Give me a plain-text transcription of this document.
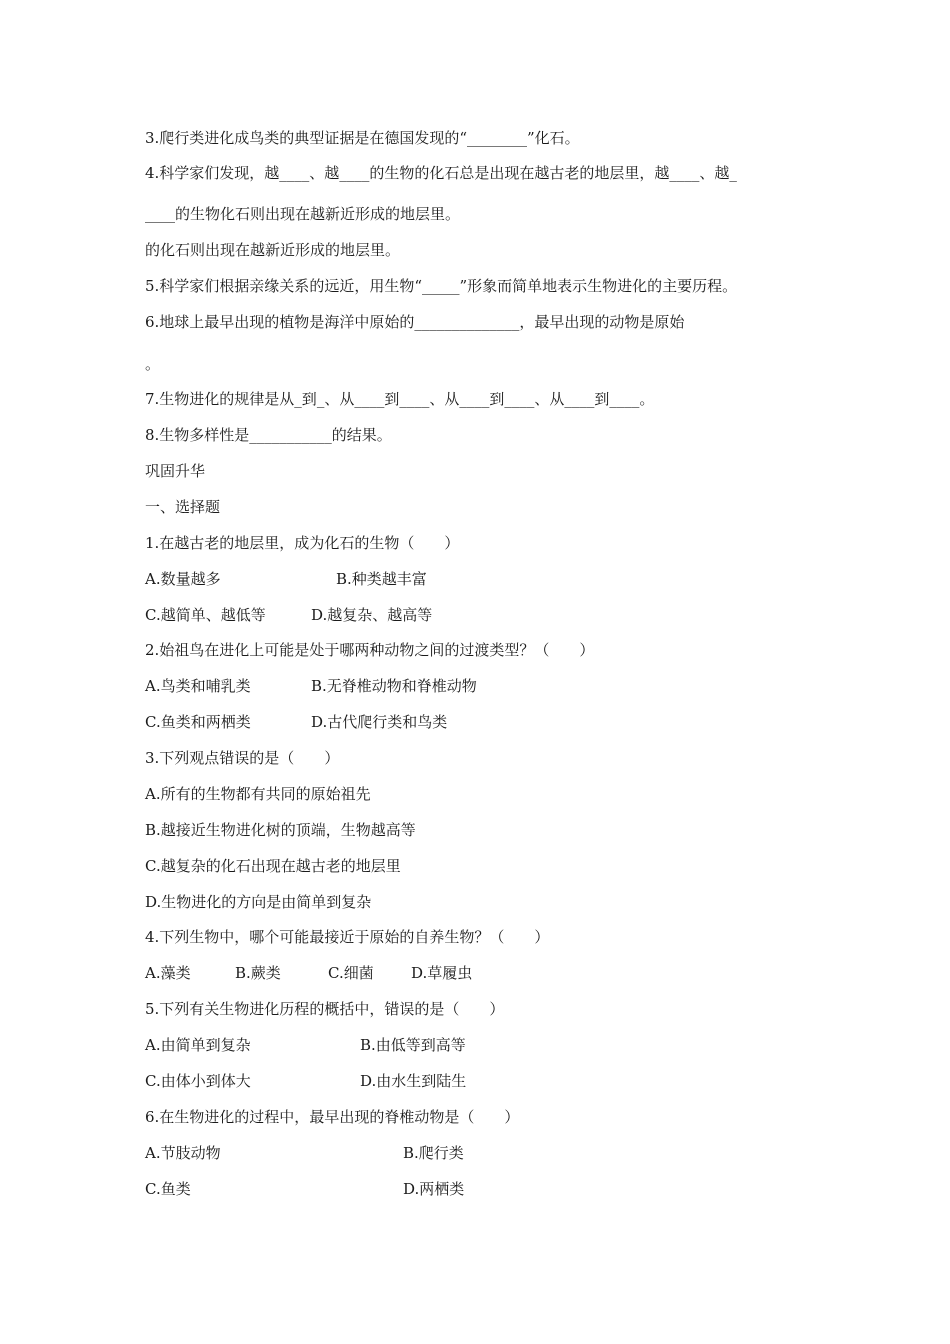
3.爬行类进化成鸟类的典型证据是在德国发现的“________”化石。
4.科学家们发现，越____、越____的生物的化石总是出现在越古老的地层里，越____、越_
____的生物化石则出现在越新近形成的地层里。
的化石则出现在越新近形成的地层里。
5.科学家们根据亲缘关系的远近，用生物“_____”形象而简单地表示生物进化的主要历程。
6.地球上最早出现的植物是海洋中原始的______________，最早出现的动物是原始
。
7.生物进化的规律是从_到_、从____到____、从____到____、从____到____。
8.生物多样性是___________的结果。
巩固升华
一、选择题
1.在越古老的地层里，成为化石的生物（　　）
A.数量越多	B.种类越丰富
C.越简单、越低等	D.越复杂、越高等
2.始祖鸟在进化上可能是处于哪两种动物之间的过渡类型？（　　）
A.鸟类和哺乳类	B.无脊椎动物和脊椎动物
C.鱼类和两栖类	D.古代爬行类和鸟类
3.下列观点错误的是（　　）
A.所有的生物都有共同的原始祖先
B.越接近生物进化树的顶端，生物越高等
C.越复杂的化石出现在越古老的地层里
D.生物进化的方向是由简单到复杂
4.下列生物中，哪个可能最接近于原始的自养生物？（　　）
A.藻类	B.蕨类	C.细菌 D.草履虫
5.下列有关生物进化历程的概括中，错误的是（　　）
A.由简单到复杂	B.由低等到高等
C.由体小到体大	D.由水生到陆生
6.在生物进化的过程中，最早出现的脊椎动物是（　　）
A.节肢动物	B.爬行类
C.鱼类	D.两栖类
